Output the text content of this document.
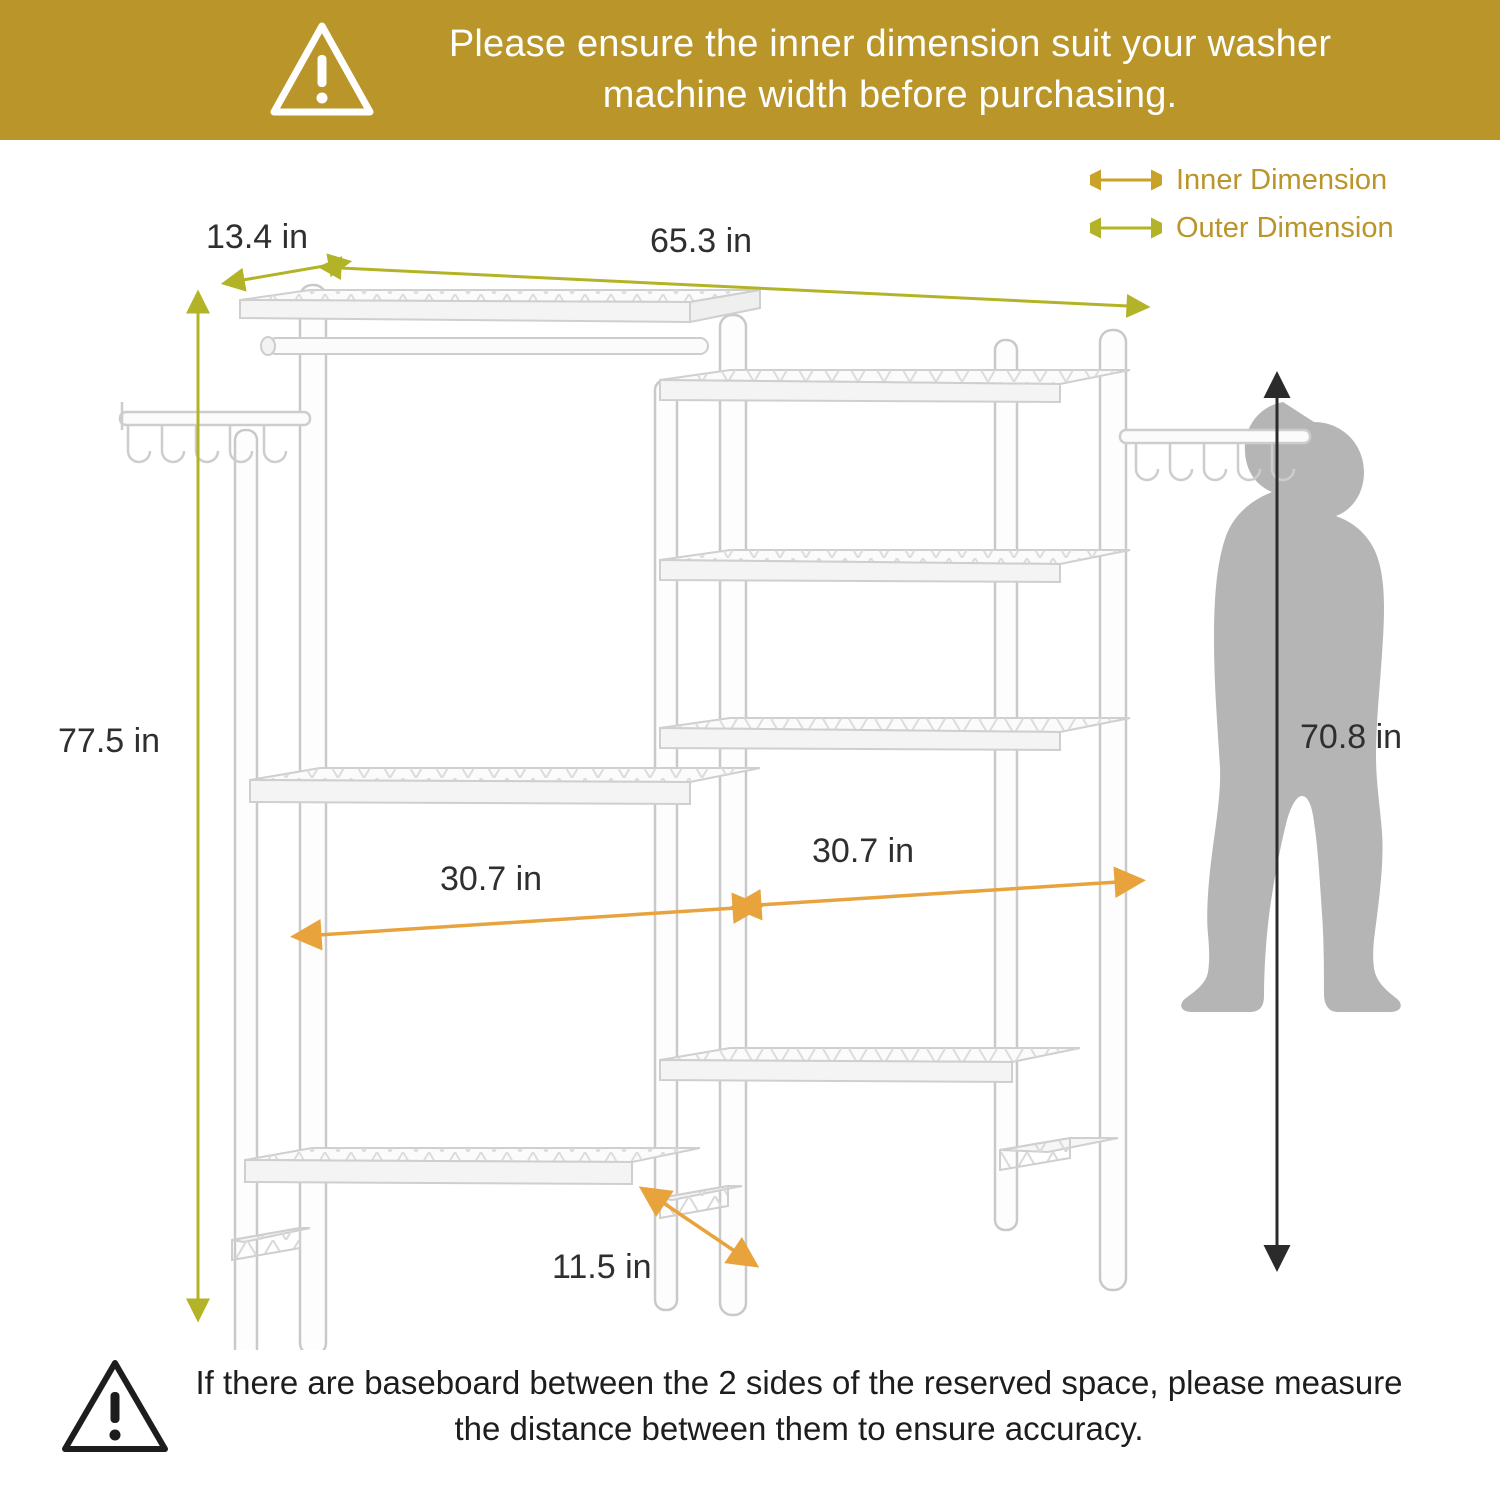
Please ensure the inner dimension suit your washer machine width before purchasing.
Inner Dimension
Outer Dimension
13.4 in	65.3 in
77.5 in
30.7 in
30.7 in
11.5 in
70.8 in
If there are baseboard between the 2 sides of the reserved space, please measure the distance between them to ensure accuracy.
